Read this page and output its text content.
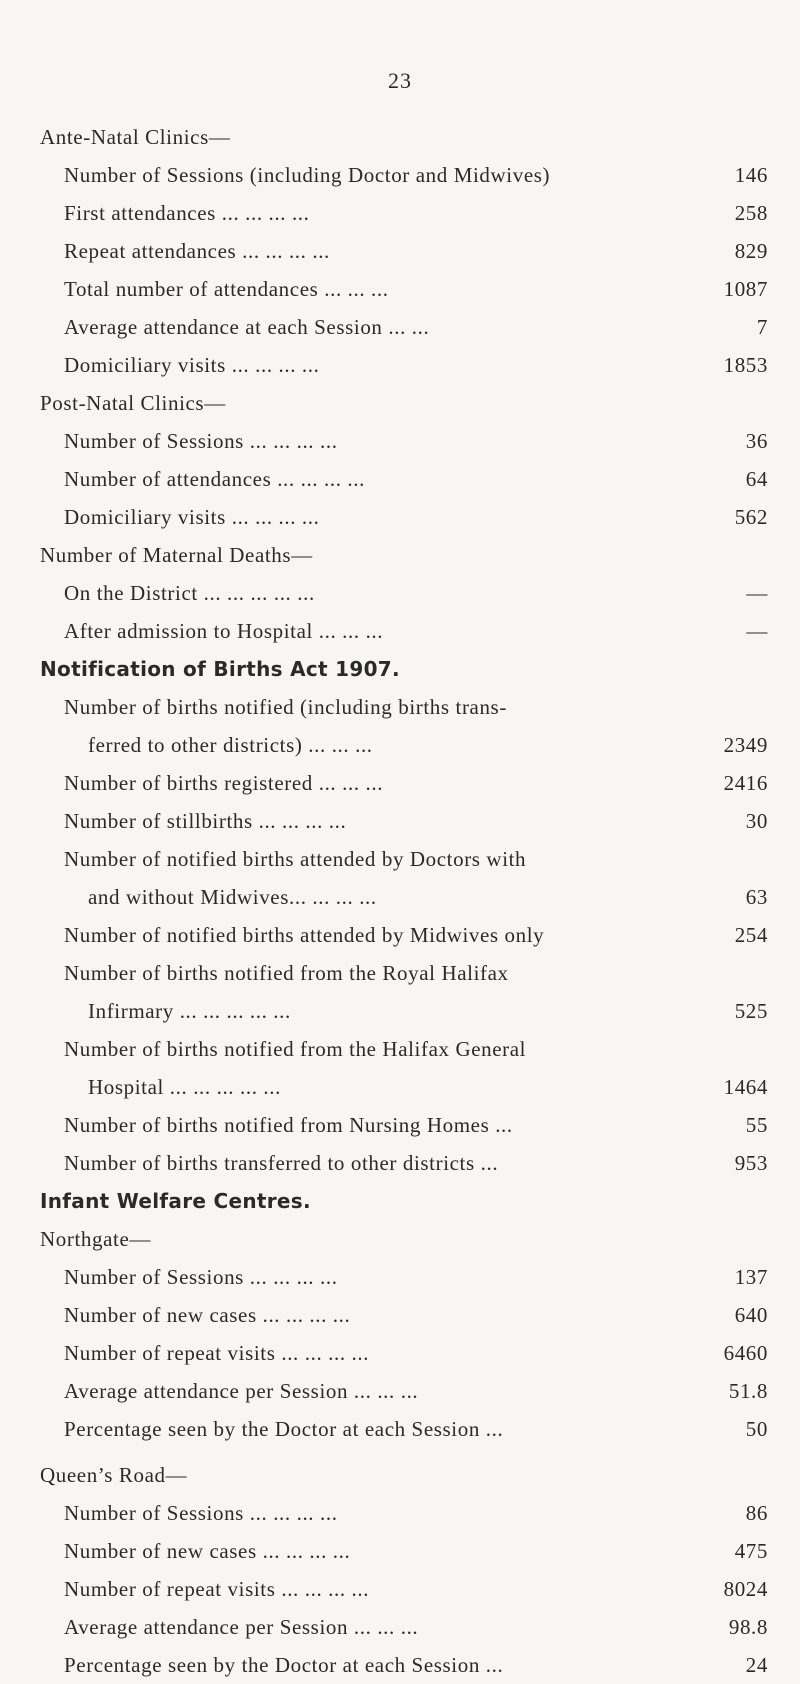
23
Ante-Natal Clinics—
Number of Sessions (including Doctor and Midwives)	146
First attendances ... ... ... ...	258
Repeat attendances ... ... ... ...	829
Total number of attendances ... ... ...	1087
Average attendance at each Session ... ...	7
Domiciliary visits ... ... ... ...	1853
Post-Natal Clinics—
Number of Sessions ... ... ... ...	36
Number of attendances ... ... ... ...	64
Domiciliary visits ... ... ... ...	562
Number of Maternal Deaths—
On the District ... ... ... ... ...	—
After admission to Hospital ... ... ...	—
Notification of Births Act 1907.
Number of births notified (including births trans-
ferred to other districts) ... ... ...	2349
Number of births registered ... ... ...	2416
Number of stillbirths ... ... ... ...	30
Number of notified births attended by Doctors with
and without Midwives... ... ... ...	63
Number of notified births attended by Midwives only	254
Number of births notified from the Royal Halifax
Infirmary ... ... ... ... ...	525
Number of births notified from the Halifax General
Hospital ... ... ... ... ...	1464
Number of births notified from Nursing Homes ...	55
Number of births transferred to other districts ...	953
Infant Welfare Centres.
Northgate—
Number of Sessions ... ... ... ...	137
Number of new cases ... ... ... ...	640
Number of repeat visits ... ... ... ...	6460
Average attendance per Session ... ... ...	51.8
Percentage seen by the Doctor at each Session ...	50
Queen’s Road—
Number of Sessions ... ... ... ...	86
Number of new cases ... ... ... ...	475
Number of repeat visits ... ... ... ...	8024
Average attendance per Session ... ... ...	98.8
Percentage seen by the Doctor at each Session ...	24
